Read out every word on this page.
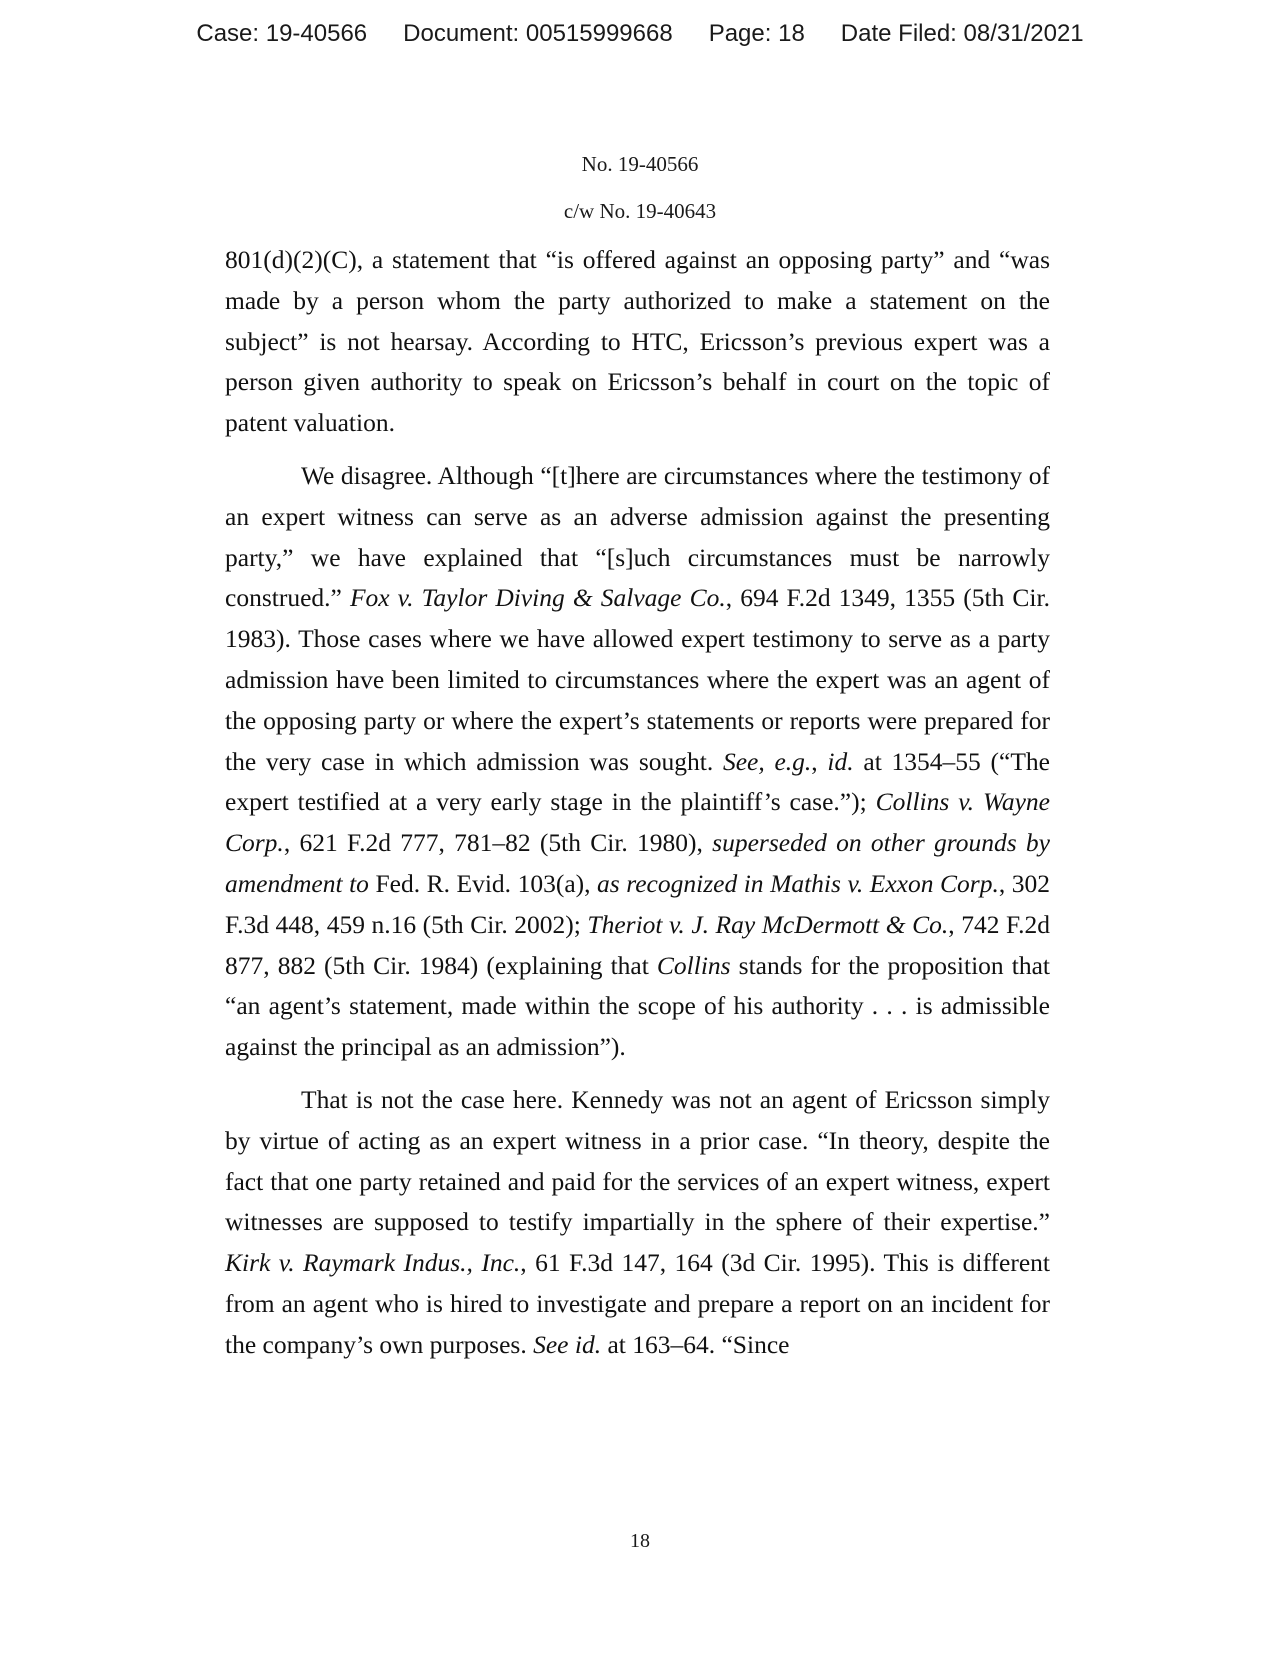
Case: 19-40566 Document: 00515999668 Page: 18 Date Filed: 08/31/2021
No. 19-40566
c/w No. 19-40643

801(d)(2)(C), a statement that “is offered against an opposing party” and “was made by a person whom the party authorized to make a statement on the subject” is not hearsay. According to HTC, Ericsson’s previous expert was a person given authority to speak on Ericsson’s behalf in court on the topic of patent valuation.

We disagree. Although “[t]here are circumstances where the testimony of an expert witness can serve as an adverse admission against the presenting party,” we have explained that “[s]uch circumstances must be narrowly construed.” Fox v. Taylor Diving & Salvage Co., 694 F.2d 1349, 1355 (5th Cir. 1983). Those cases where we have allowed expert testimony to serve as a party admission have been limited to circumstances where the expert was an agent of the opposing party or where the expert’s statements or reports were prepared for the very case in which admission was sought. See, e.g., id. at 1354–55 (“The expert testified at a very early stage in the plaintiff’s case.”); Collins v. Wayne Corp., 621 F.2d 777, 781–82 (5th Cir. 1980), superseded on other grounds by amendment to Fed. R. Evid. 103(a), as recognized in Mathis v. Exxon Corp., 302 F.3d 448, 459 n.16 (5th Cir. 2002); Theriot v. J. Ray McDermott & Co., 742 F.2d 877, 882 (5th Cir. 1984) (explaining that Collins stands for the proposition that “an agent’s statement, made within the scope of his authority . . . is admissible against the principal as an admission”).

That is not the case here. Kennedy was not an agent of Ericsson simply by virtue of acting as an expert witness in a prior case. “In theory, despite the fact that one party retained and paid for the services of an expert witness, expert witnesses are supposed to testify impartially in the sphere of their expertise.” Kirk v. Raymark Indus., Inc., 61 F.3d 147, 164 (3d Cir. 1995). This is different from an agent who is hired to investigate and prepare a report on an incident for the company’s own purposes. See id. at 163–64. “Since

18
